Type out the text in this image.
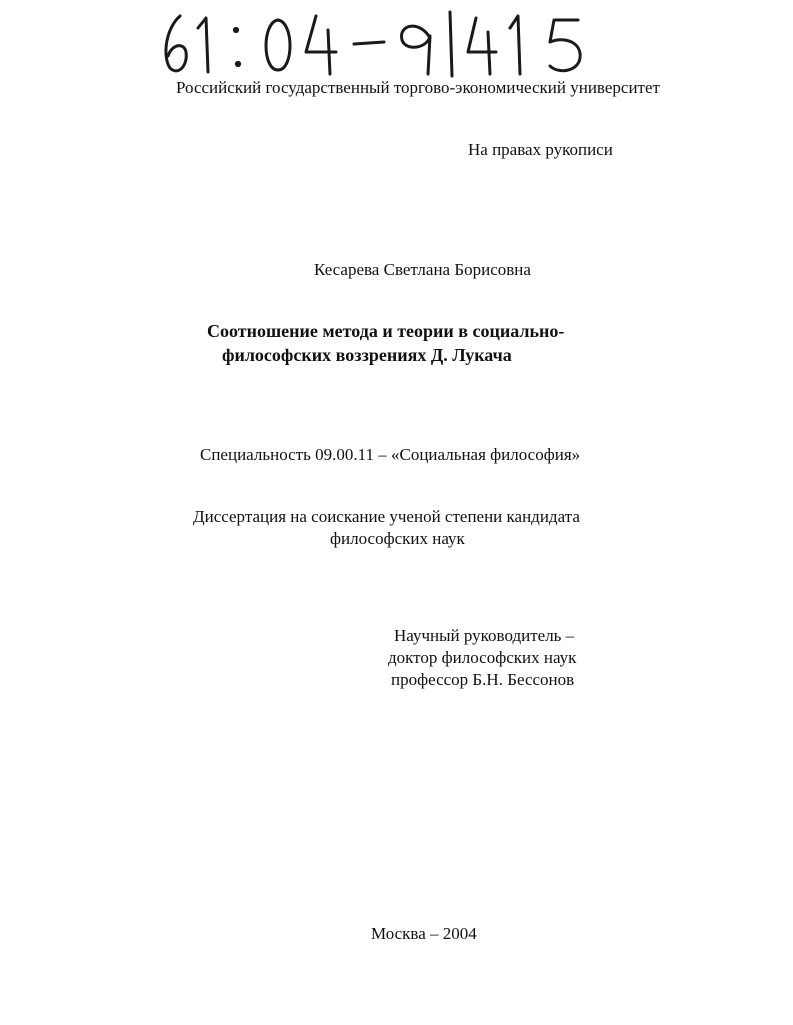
Российский государственный торгово-экономический университет
На правах рукописи
Кесарева Светлана Борисовна
Соотношение метода и теории в социально-
философских воззрениях Д. Лукача
Специальность 09.00.11 – «Социальная философия»
Диссертация на соискание ученой степени кандидата
философских наук
Научный руководитель –
доктор философских наук
профессор Б.Н. Бессонов
Москва – 2004
